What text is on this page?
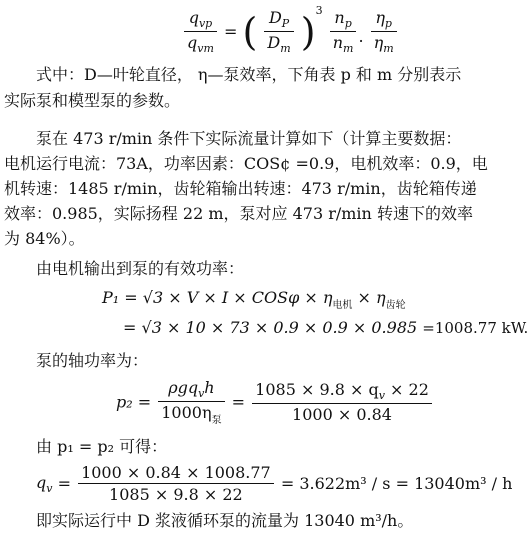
$\frac{q_{vp}}{q_{vm}}$ = ( $\frac{D_P}{D_m} )^3 \frac{n_p}{n_m}$ . $\frac{\eta_p}{\eta_m}$
式中：D—叶轮直径， η—泵效率，下角表 p 和 m 分别表示
实际泵和模型泵的参数。
泵在 473 r/min 条件下实际流量计算如下（计算主要数据：
电机运行电流：73A，功率因素：COS¢ =0.9，电机效率：0.9，电
机转速：1485 r/min，齿轮箱输出转速：473 r/min，齿轮箱传递
效率：0.985，实际扬程 22 m，泵对应 473 r/min 转速下的效率
为 84%）。
由电机输出到泵的有效功率：
$P_1 = √3 \times V \times I \times COS\varphi \times \eta_{电机} \times \eta_{齿轮}$
= √3 × 10 × 73 × 0.9 × 0.9 × 0.985 =1008.77 kW.
泵的轴功率为：
$p_2 = \frac{\rho gq_vh}{1000\eta_泵} = \frac{1085 \times 9.8 \times q_v \times 22}{1000 \times 0.84}$
由 p₁ = p₂ 可得：
$q_v = \frac{1000 \times 0.84 \times 1008.77}{1085 \times 9.8 \times 22} = 3.622m^3 / s = 13040m^3 / h$
即实际运行中 D 浆液循环泵的流量为 13040 m³/h。
